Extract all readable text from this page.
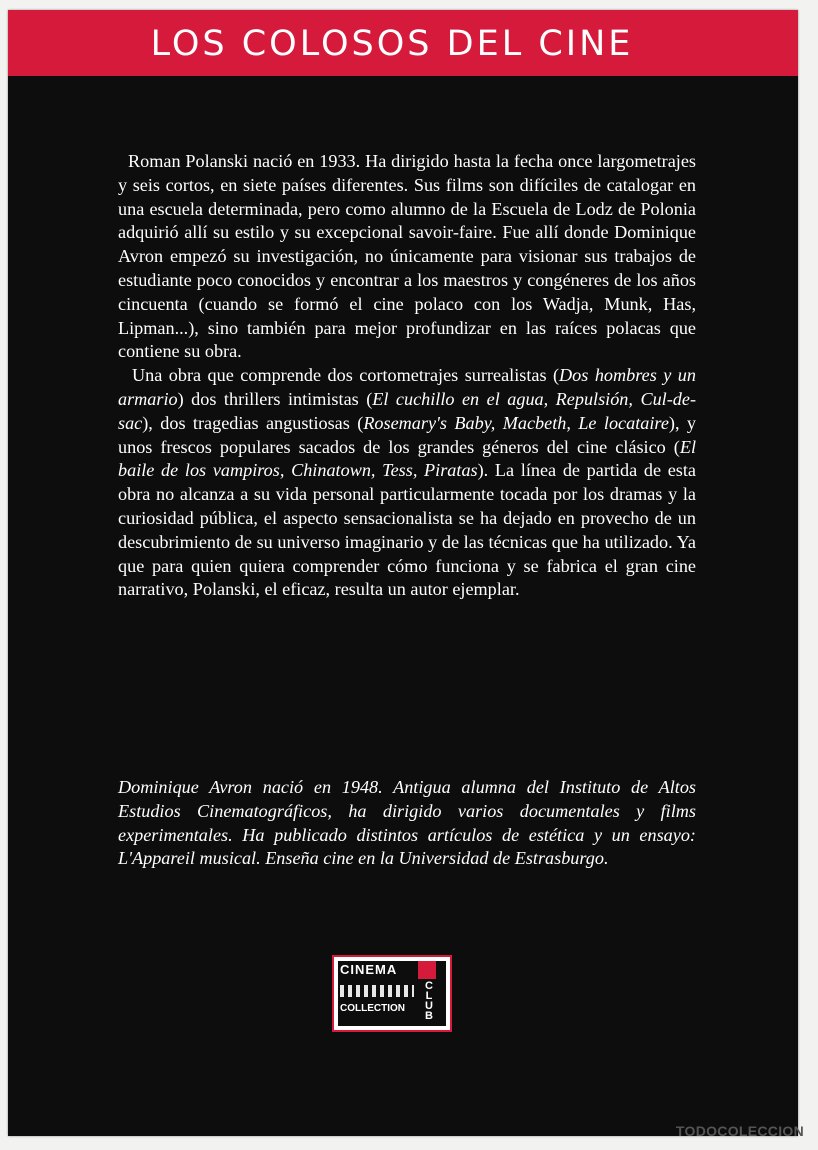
LOS COLOSOS DEL CINE

Roman Polanski nació en 1933. Ha dirigido hasta la fecha once largometrajes y seis cortos, en siete países diferentes. Sus films son difíciles de catalogar en una escuela determinada, pero como alumno de la Escuela de Lodz de Polonia adquirió allí su estilo y su excepcional savoir-faire. Fue allí donde Dominique Avron empezó su investigación, no únicamente para visionar sus trabajos de estudiante poco conocidos y encontrar a los maestros y congéneres de los años cincuenta (cuando se formó el cine polaco con los Wadja, Munk, Has, Lipman...), sino también para mejor profundizar en las raíces polacas que contiene su obra.

Una obra que comprende dos cortometrajes surrealistas (Dos hombres y un armario) dos thrillers intimistas (El cuchillo en el agua, Repulsión, Cul-de-sac), dos tragedias angustiosas (Rosemary's Baby, Macbeth, Le locataire), y unos frescos populares sacados de los grandes géneros del cine clásico (El baile de los vampiros, Chinatown, Tess, Piratas). La línea de partida de esta obra no alcanza a su vida personal particularmente tocada por los dramas y la curiosidad pública, el aspecto sensacionalista se ha dejado en provecho de un descubrimiento de su universo imaginario y de las técnicas que ha utilizado. Ya que para quien quiera comprender cómo funciona y se fabrica el gran cine narrativo, Polanski, el eficaz, resulta un autor ejemplar.

Dominique Avron nació en 1948. Antigua alumna del Instituto de Altos Estudios Cinematográficos, ha dirigido varios documentales y films experimentales. Ha publicado distintos artículos de estética y un ensayo: L'Appareil musical. Enseña cine en la Universidad de Estrasburgo.

CINEMA
CLUB
COLLECTION
TODOCOLECCION
